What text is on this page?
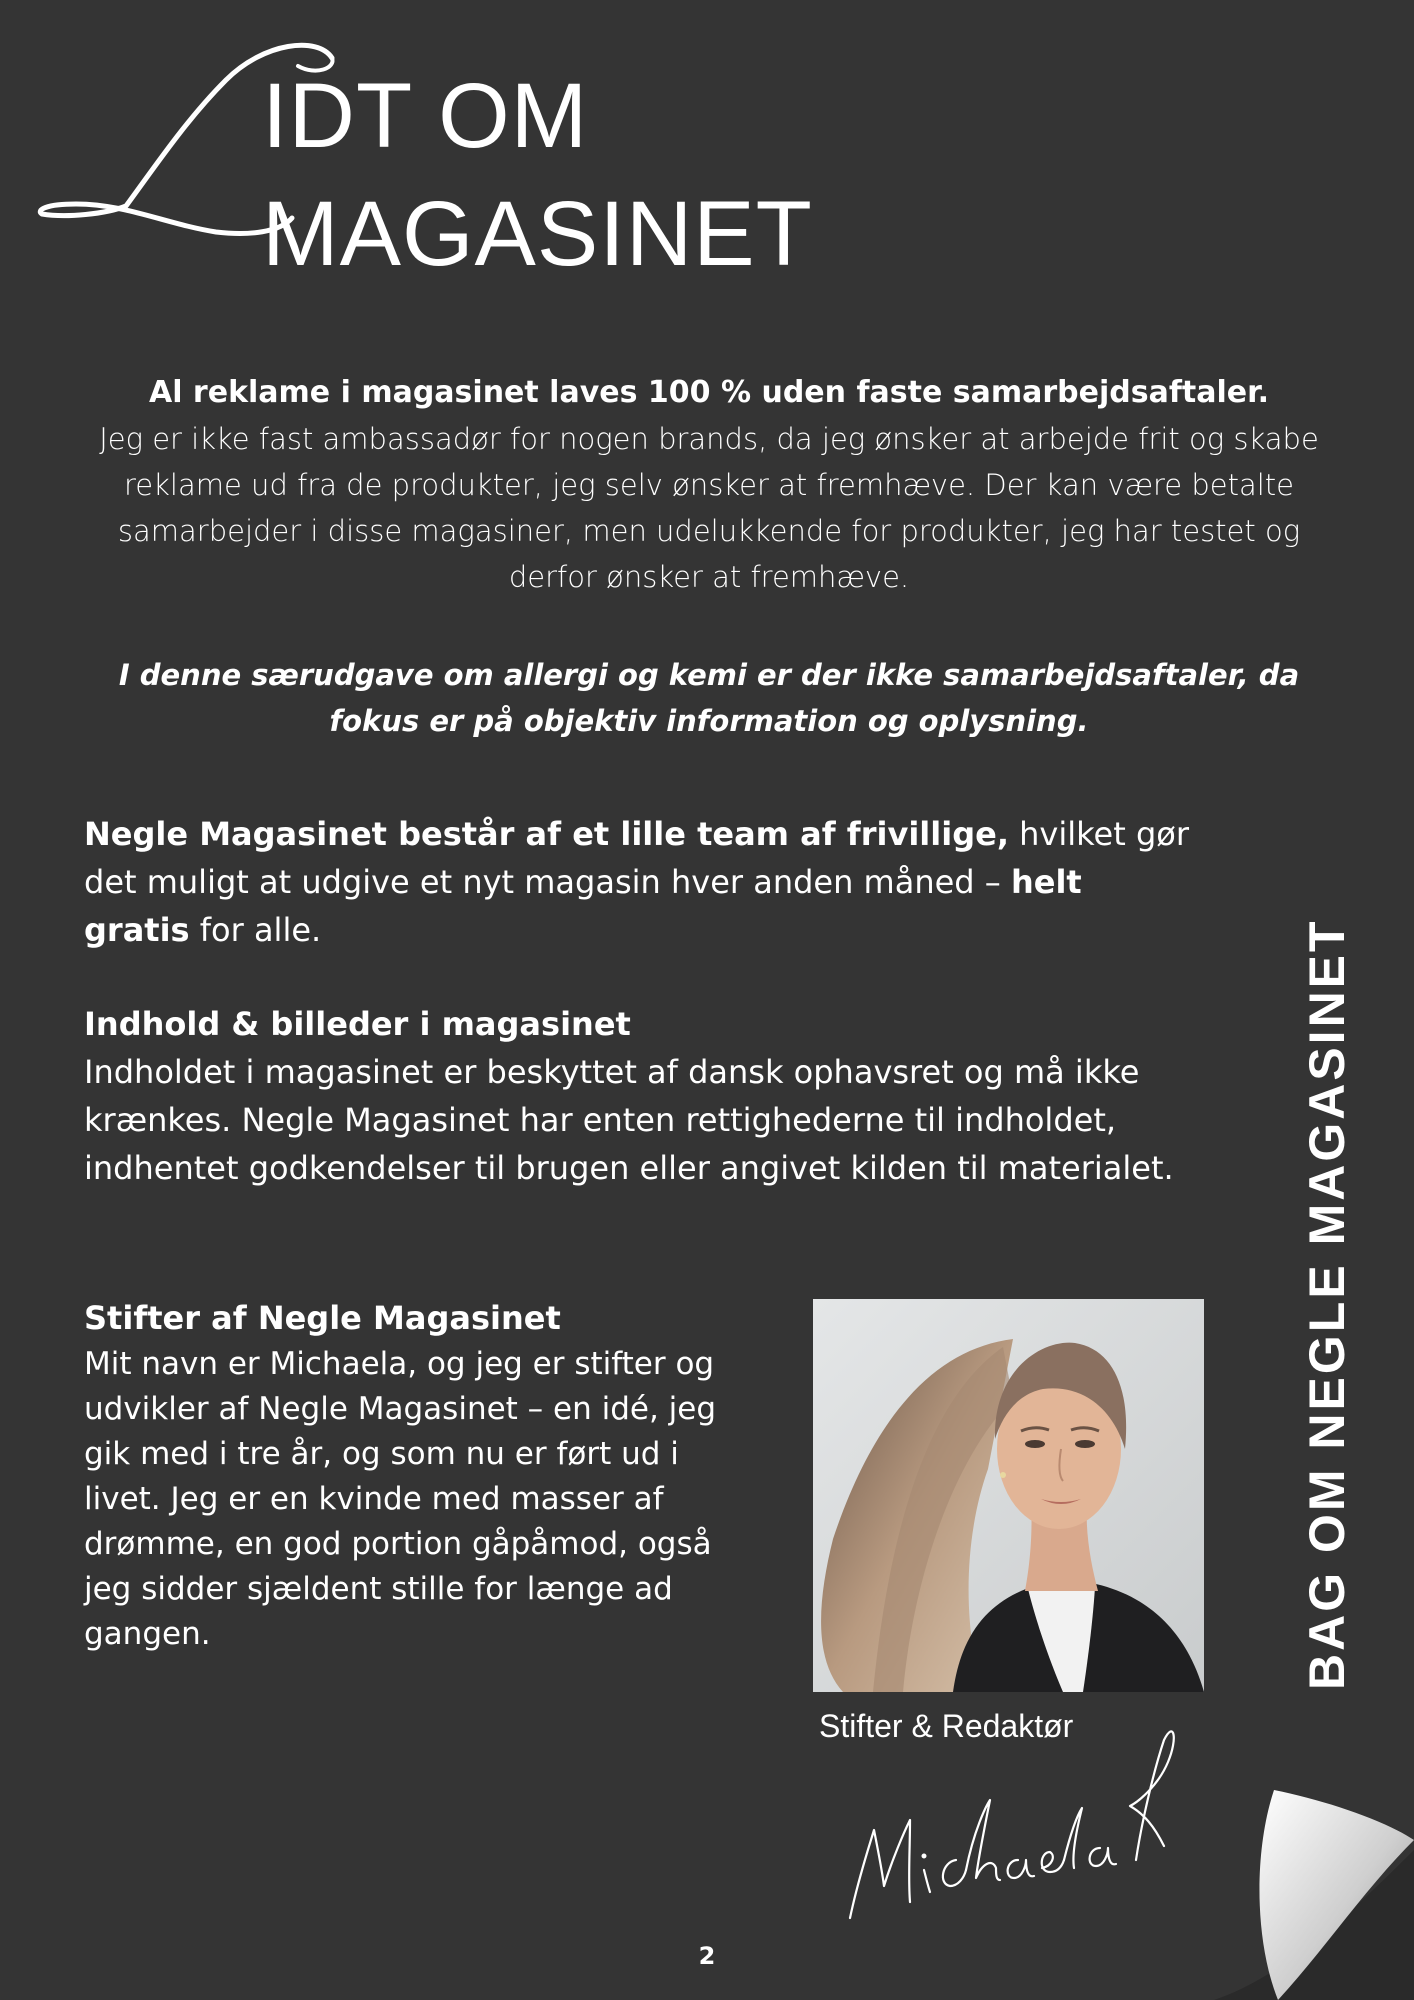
IDT OM
MAGASINET
Al reklame i magasinet laves 100 % uden faste samarbejdsaftaler.
Jeg er ikke fast ambassadør for nogen brands, da jeg ønsker at arbejde frit og skabe reklame ud fra de produkter, jeg selv ønsker at fremhæve. Der kan være betalte samarbejder i disse magasiner, men udelukkende for produkter, jeg har testet og derfor ønsker at fremhæve.
I denne særudgave om allergi og kemi er der ikke samarbejdsaftaler, da fokus er på objektiv information og oplysning.
Negle Magasinet består af et lille team af frivillige, hvilket gør det muligt at udgive et nyt magasin hver anden måned – helt gratis for alle.
Indhold & billeder i magasinet
Indholdet i magasinet er beskyttet af dansk ophavsret og må ikke krænkes. Negle Magasinet har enten rettighederne til indholdet, indhentet godkendelser til brugen eller angivet kilden til materialet.
Stifter af Negle Magasinet
Mit navn er Michaela, og jeg er stifter og udvikler af Negle Magasinet – en idé, jeg gik med i tre år, og som nu er ført ud i livet. Jeg er en kvinde med masser af drømme, en god portion gåpåmod, også jeg sidder sjældent stille for længe ad gangen.
Stifter & Redaktør
BAG OM NEGLE MAGASINET
2
